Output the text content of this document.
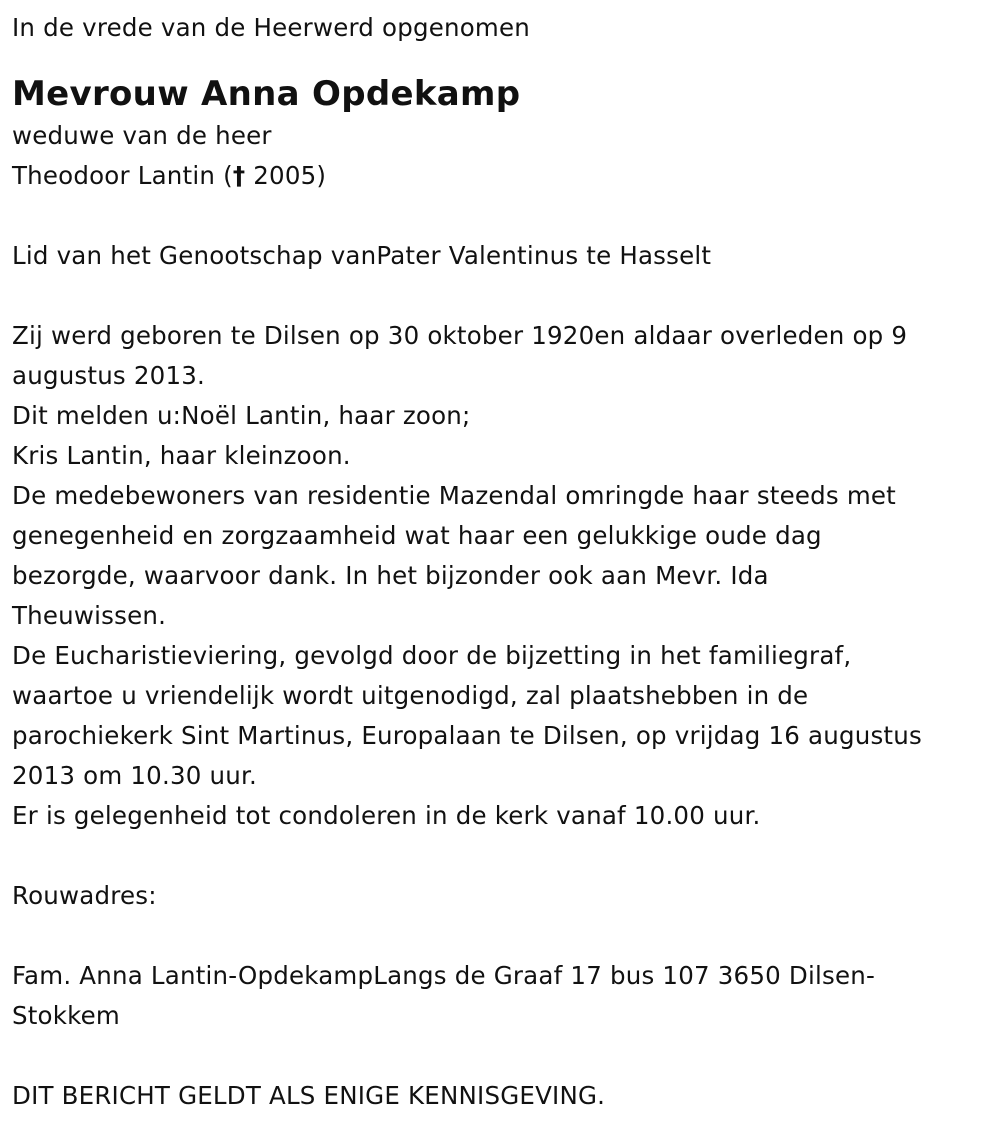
In de vrede van de Heerwerd opgenomen

Mevrouw Anna Opdekamp

weduwe van de heer

Theodoor Lantin († 2005)

Lid van het Genootschap vanPater Valentinus te Hasselt

Zij werd geboren te Dilsen op 30 oktober 1920en aldaar overleden op 9

augustus 2013.

Dit melden u:Noël Lantin, haar zoon;

Kris Lantin, haar kleinzoon.

De medebewoners van residentie Mazendal omringde haar steeds met

genegenheid en zorgzaamheid wat haar een gelukkige oude dag

bezorgde, waarvoor dank. In het bijzonder ook aan Mevr. Ida

Theuwissen.

De Eucharistieviering, gevolgd door de bijzetting in het familiegraf,

waartoe u vriendelijk wordt uitgenodigd, zal plaatshebben in de

parochiekerk Sint Martinus, Europalaan te Dilsen, op vrijdag 16 augustus

2013 om 10.30 uur.

Er is gelegenheid tot condoleren in de kerk vanaf 10.00 uur.

Rouwadres:

Fam. Anna Lantin-OpdekampLangs de Graaf 17 bus 107 3650 Dilsen-

Stokkem

DIT BERICHT GELDT ALS ENIGE KENNISGEVING.
